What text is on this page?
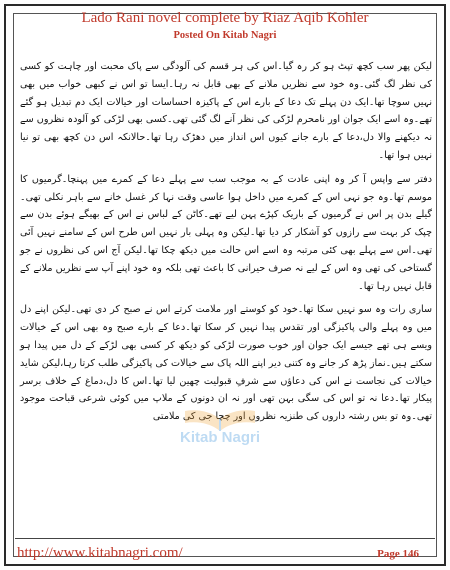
Lado Rani novel complete by Riaz Aqib Kohler
Posted On Kitab Nagri

لیکن پھر سب کچھ تپٹ ہو کر رہ گیا۔اس کی ہر قسم کی آلودگی سے پاک محبت اور چاہت کو کسی کی نظر لگ گئی۔وہ خود سے نظریں ملانے کے بھی قابل نہ رہا۔ایسا تو اس نے کبھی خواب میں بھی نہیں سوچا تھا۔ایک دن پہلے تک دعا کے بارے اس کے پاکیزہ احساسات اور خیالات ایک دم تبدیل ہو گئے تھے۔وہ اسے ایک جوان اور نامحرم لڑکی کی نظر آنے لگ گئی تھی۔کسی بھی لڑکی کو آلودہ نظروں سے نہ دیکھنے والا دل،دعا کے بارے جانے کیوں اس انداز میں دھڑک رہا تھا۔حالانکہ اس دن کچھ بھی تو نیا نہیں ہوا تھا۔

دفتر سے واپس آ کر وہ اپنی عادت کے بہ موجب سب سے پہلے دعا کے کمرے میں پہنچا۔گرمیوں کا موسم تھا۔وہ جو نہی اس کے کمرے میں داخل ہوا عاسی وقت نہا کر غسل خانے سے باہر نکلی تھی۔گیلے بدن پر اس نے گرمیوں کے باریک کپڑے پہن لیے تھے۔کاٹن کے لباس نے اس کے بھیگے ہوئے بدن سے چپک کر بہت سے رازوں کو آشکار کر دیا تھا۔لیکن وہ پہلی بار نہیں اس طرح اس کے سامنے نہیں آئی تھی۔اس سے پہلے بھی کئی مرتبہ وہ اسے اس حالت میں دیکھ چکا تھا۔لیکن آج اس کی نظروں نے جو گستاخی کی تھی وہ اس کے لیے نہ صرف حیرانی کا باعث تھی بلکہ وہ خود اپنے آپ سے نظریں ملانے کے قابل نہیں رہا تھا۔

ساری رات وہ سو نہیں سکا تھا۔خود کو کوستے اور ملامت کرتے اس نے صبح کر دی تھی۔لیکن اپنے دل میں وہ پہلے والی پاکیزگی اور تقدس پیدا نہیں کر سکا تھا۔دعا کے بارے صبح وہ بھی اس کے خیالات ویسے ہی تھے جیسے ایک جوان اور خوب صورت لڑکی کو دیکھ کر کسی بھی لڑکے کے دل میں پیدا ہو سکتے ہیں۔نماز پڑھ کر جانے وہ کتنی دیر اپنے اللہ پاک سے خیالات کی پاکیزگی طلب کرتا رہا،لیکن شاید خیالات کی نجاست نے اس کی دعاؤں سے شرفِ قبولیت چھین لیا تھا۔اس کا دل،دماغ کے خلاف برسر پیکار تھا۔دعا نہ تو اس کی سگی بہن تھی اور نہ ان دونوں کے ملاپ میں کوئی شرعی قباحت موجود تھی۔وہ تو بس رشتہ داروں کی طنزیہ نظروں اور چچا جی کی ملامتی

Kitab Nagri
http://www.kitabnagri.com/	Page 146
